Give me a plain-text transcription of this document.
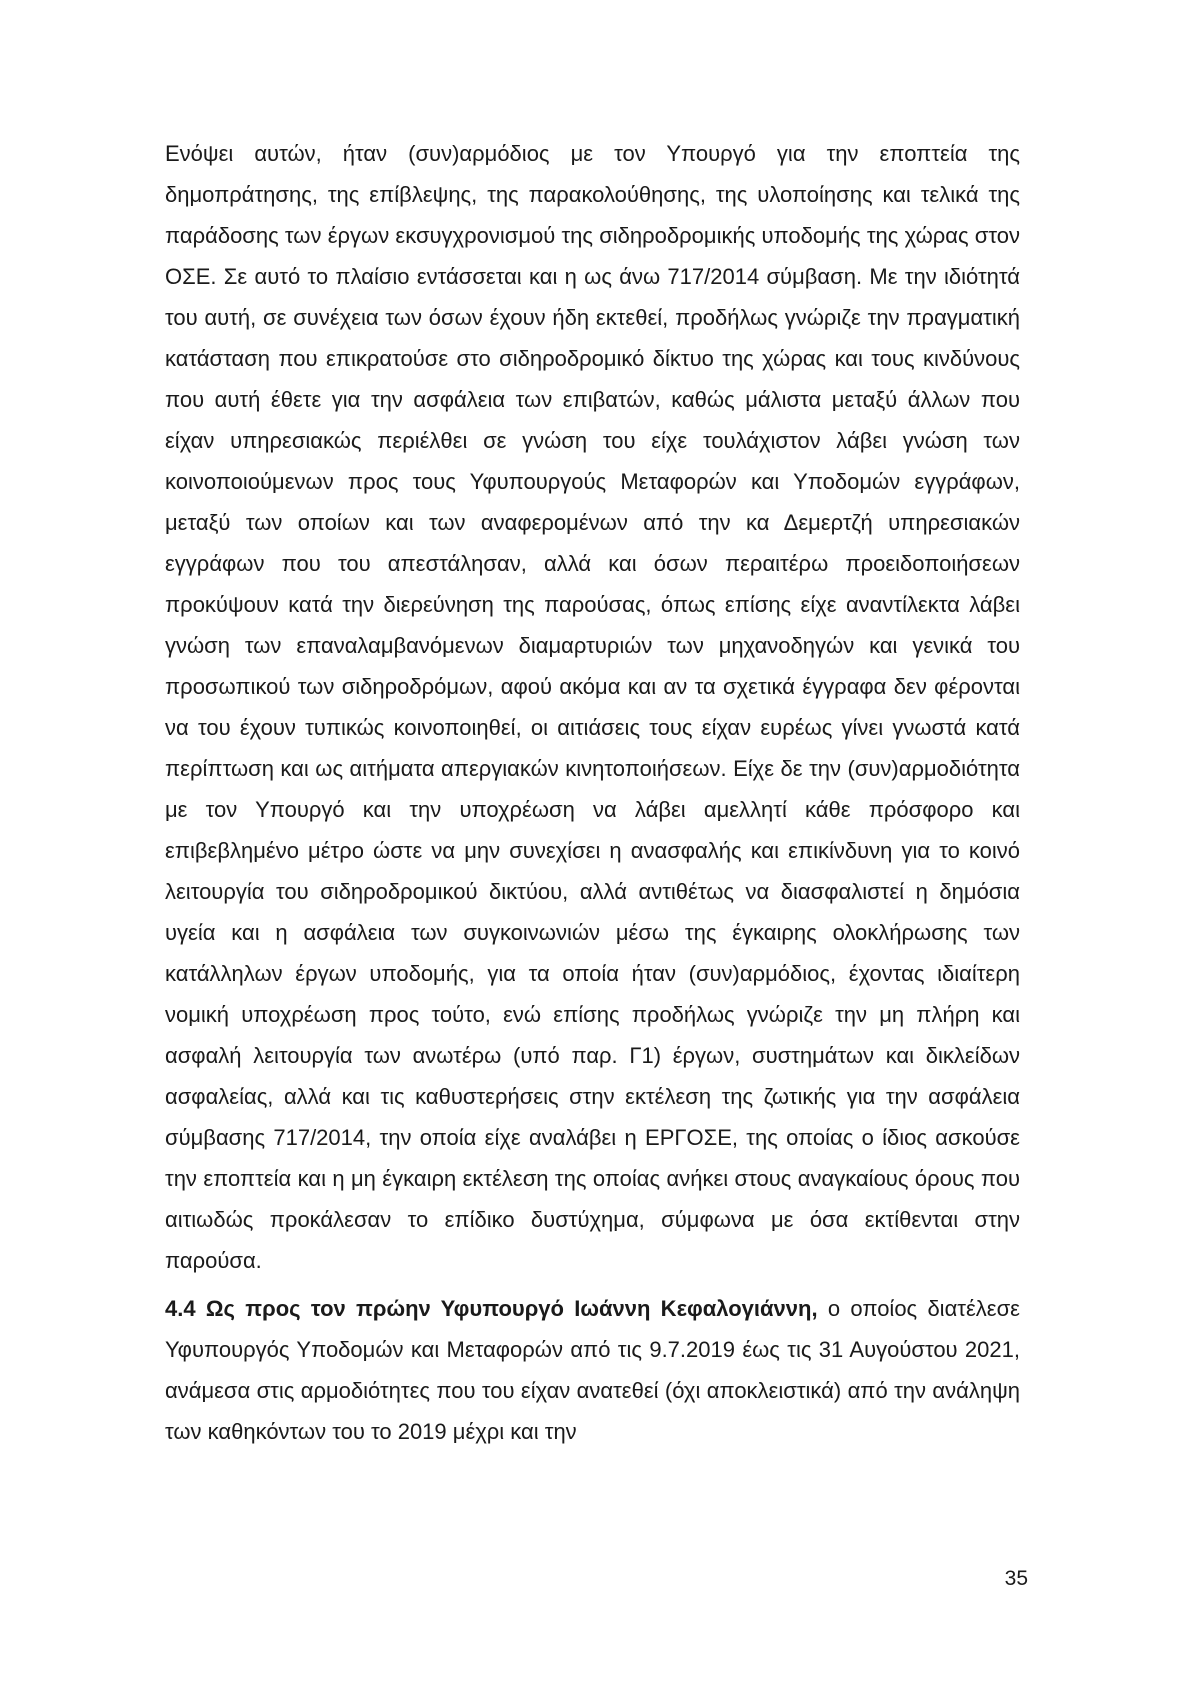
Ενόψει αυτών, ήταν (συν)αρμόδιος με τον Υπουργό για την εποπτεία της δημοπράτησης, της επίβλεψης, της παρακολούθησης, της υλοποίησης και τελικά της παράδοσης των έργων εκσυγχρονισμού της σιδηροδρομικής υποδομής της χώρας στον ΟΣΕ. Σε αυτό το πλαίσιο εντάσσεται και η ως άνω 717/2014 σύμβαση. Με την ιδιότητά του αυτή, σε συνέχεια των όσων έχουν ήδη εκτεθεί, προδήλως γνώριζε την πραγματική κατάσταση που επικρατούσε στο σιδηροδρομικό δίκτυο της χώρας και τους κινδύνους που αυτή έθετε για την ασφάλεια των επιβατών, καθώς μάλιστα μεταξύ άλλων που είχαν υπηρεσιακώς περιέλθει σε γνώση του είχε τουλάχιστον λάβει γνώση των κοινοποιούμενων προς τους Υφυπουργούς Μεταφορών και Υποδομών εγγράφων, μεταξύ των οποίων και των αναφερομένων από την κα Δεμερτζή υπηρεσιακών εγγράφων που του απεστάλησαν, αλλά και όσων περαιτέρω προειδοποιήσεων προκύψουν κατά την διερεύνηση της παρούσας, όπως επίσης είχε αναντίλεκτα λάβει γνώση των επαναλαμβανόμενων διαμαρτυριών των μηχανοδηγών και γενικά του προσωπικού των σιδηροδρόμων, αφού ακόμα και αν τα σχετικά έγγραφα δεν φέρονται να του έχουν τυπικώς κοινοποιηθεί, οι αιτιάσεις τους είχαν ευρέως γίνει γνωστά κατά περίπτωση και ως αιτήματα απεργιακών κινητοποιήσεων. Είχε δε την (συν)αρμοδιότητα με τον Υπουργό και την υποχρέωση να λάβει αμελλητί κάθε πρόσφορο και επιβεβλημένο μέτρο ώστε να μην συνεχίσει η ανασφαλής και επικίνδυνη για το κοινό λειτουργία του σιδηροδρομικού δικτύου, αλλά αντιθέτως να διασφαλιστεί η δημόσια υγεία και η ασφάλεια των συγκοινωνιών μέσω της έγκαιρης ολοκλήρωσης των κατάλληλων έργων υποδομής, για τα οποία ήταν (συν)αρμόδιος, έχοντας ιδιαίτερη νομική υποχρέωση προς τούτο, ενώ επίσης προδήλως γνώριζε την μη πλήρη και ασφαλή λειτουργία των ανωτέρω (υπό παρ. Γ1) έργων, συστημάτων και δικλείδων ασφαλείας, αλλά και τις καθυστερήσεις στην εκτέλεση της ζωτικής για την ασφάλεια σύμβασης 717/2014, την οποία είχε αναλάβει η ΕΡΓΟΣΕ, της οποίας ο ίδιος ασκούσε την εποπτεία και η μη έγκαιρη εκτέλεση της οποίας ανήκει στους αναγκαίους όρους που αιτιωδώς προκάλεσαν το επίδικο δυστύχημα, σύμφωνα με όσα εκτίθενται στην παρούσα.

4.4 Ως προς τον πρώην Υφυπουργό Ιωάννη Κεφαλογιάννη, ο οποίος διατέλεσε Υφυπουργός Υποδομών και Μεταφορών από τις 9.7.2019 έως τις 31 Αυγούστου 2021, ανάμεσα στις αρμοδιότητες που του είχαν ανατεθεί (όχι αποκλειστικά) από την ανάληψη των καθηκόντων του το 2019 μέχρι και την

35
